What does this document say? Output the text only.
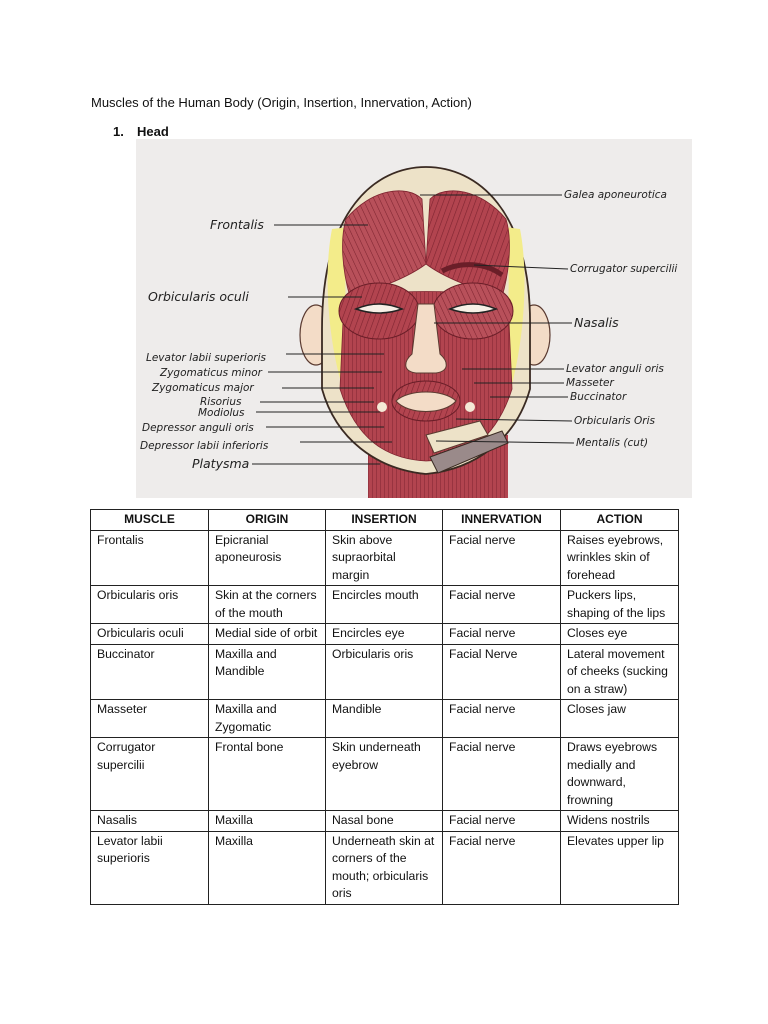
Muscles of the Human Body (Origin, Insertion, Innervation, Action)
1. Head
Frontalis
Orbicularis oculi
Levator labii superioris
Zygomaticus minor
Zygomaticus major
Risorius
Modiolus
Depressor anguli oris
Depressor labii inferioris
Platysma
Galea aponeurotica
Corrugator supercilii
Nasalis
Levator anguli oris
Masseter
Buccinator
Orbicularis Oris
Mentalis (cut)
MUSCLE	ORIGIN	INSERTION	INNERVATION	ACTION
Frontalis	Epicranial aponeurosis	Skin above supraorbital margin	Facial nerve	Raises eyebrows, wrinkles skin of forehead
Orbicularis oris	Skin at the corners of the mouth	Encircles mouth	Facial nerve	Puckers lips, shaping of the lips
Orbicularis oculi	Medial side of orbit	Encircles eye	Facial nerve	Closes eye
Buccinator	Maxilla and Mandible	Orbicularis oris	Facial Nerve	Lateral movement of cheeks (sucking on a straw)
Masseter	Maxilla and Zygomatic	Mandible	Facial nerve	Closes jaw
Corrugator supercilii	Frontal bone	Skin underneath eyebrow	Facial nerve	Draws eyebrows medially and downward, frowning
Nasalis	Maxilla	Nasal bone	Facial nerve	Widens nostrils
Levator labii superioris	Maxilla	Underneath skin at corners of the mouth; orbicularis oris	Facial nerve	Elevates upper lip
